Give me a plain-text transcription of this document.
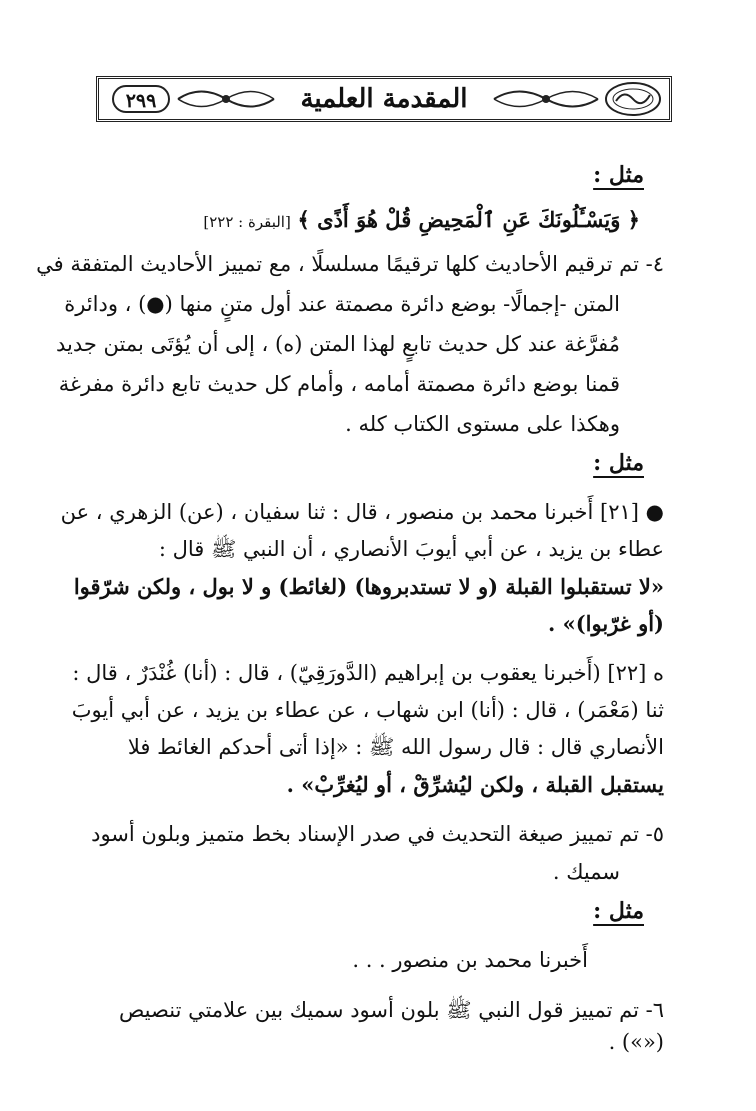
٢٩٩	المقدمة العلمية
مثل :
﴿ وَيَسْـَٔلُونَكَ عَنِ ٱلْمَحِيضِ قُلْ هُوَ أَذًى ﴾ [البقرة : ٢٢٢]
٤- تم ترقيم الأحاديث كلها ترقيمًا مسلسلًا ، مع تمييز الأحاديث المتفقة في
المتن -إجمالًا- بوضع دائرة مصمتة عند أول متنٍ منها (●) ، ودائرة
مُفرَّغة عند كل حديث تابعٍ لهذا المتن (ه) ، إلى أن يُؤتَى بمتن جديد
قمنا بوضع دائرة مصمتة أمامه ، وأمام كل حديث تابع دائرة مفرغة
وهكذا على مستوى الكتاب كله .
مثل :
● [٢١] أَخبرنا محمد بن منصور ، قال : ثنا سفيان ، (عن) الزهري ، عن
عطاء بن يزيد ، عن أبي أيوبَ الأنصاري ، أن النبي ﷺ قال :
«لا تستقبلوا القبلة (و لا تستدبروها) (لغائط) و لا بول ، ولكن شرّقوا
(أو غرّبوا)» .
ه [٢٢] (أَخبرنا يعقوب بن إبراهيم (الدَّورَقِيّ) ، قال : (أنا) غُنْدَرٌ ، قال :
ثنا (مَعْمَر) ، قال : (أنا) ابن شهاب ، عن عطاء بن يزيد ، عن أبي أيوبَ
الأنصاري قال : قال رسول الله ﷺ : «إذا أتى أحدكم الغائط فلا
يستقبل القبلة ، ولكن ليُشرِّقْ ، أو ليُغرِّبْ» .
٥- تم تمييز صيغة التحديث في صدر الإسناد بخط متميز وبلون أسود
سميك .
مثل :
أَخبرنا محمد بن منصور . . .
٦- تم تمييز قول النبي ﷺ بلون أسود سميك بين علامتي تنصيص («») .
